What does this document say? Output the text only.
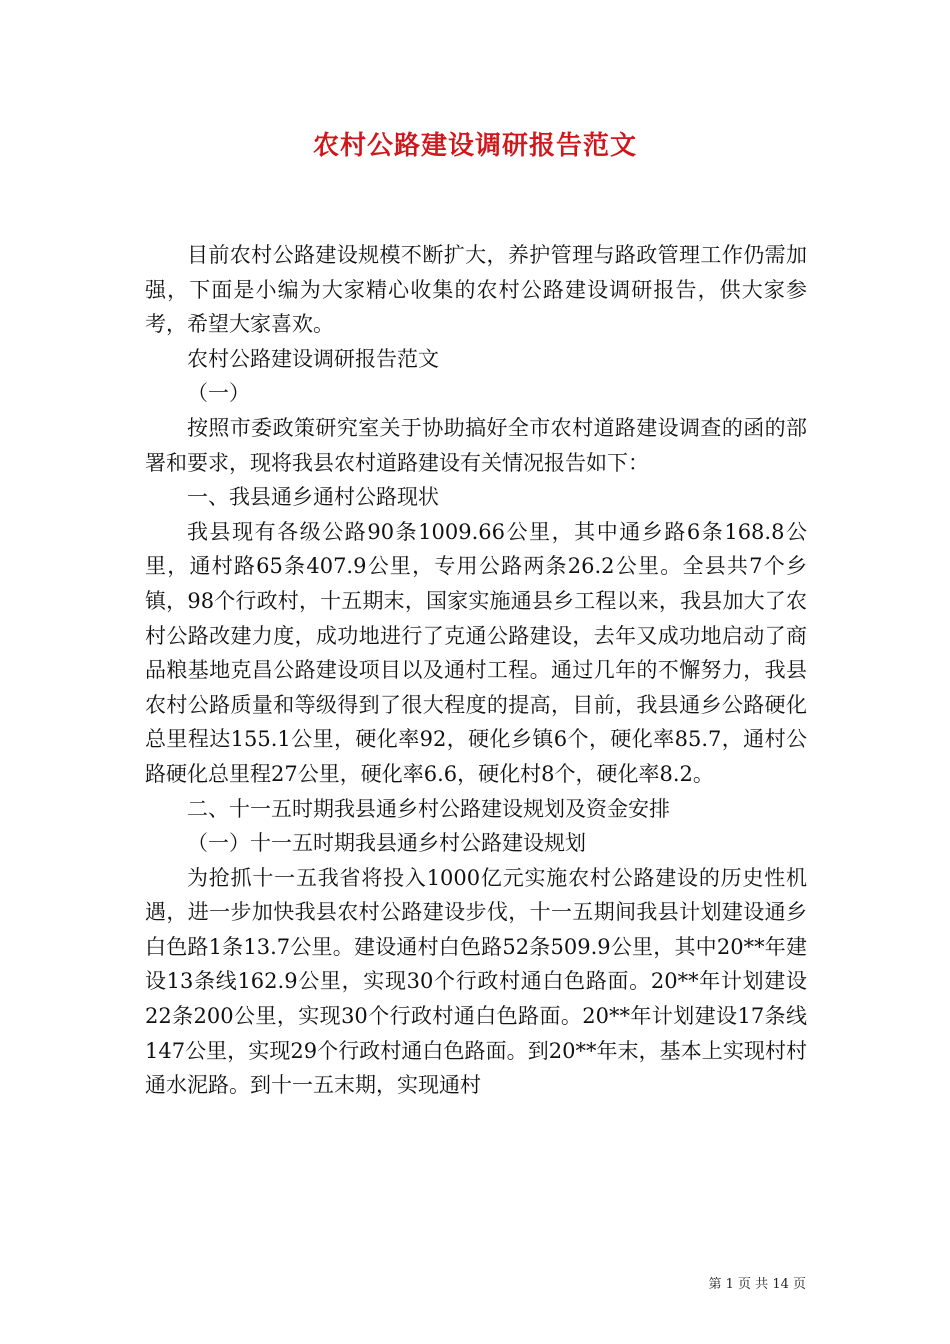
农村公路建设调研报告范文

目前农村公路建设规模不断扩大，养护管理与路政管理工作仍需加强，下面是小编为大家精心收集的农村公路建设调研报告，供大家参考，希望大家喜欢。

农村公路建设调研报告范文

（一）

按照市委政策研究室关于协助搞好全市农村道路建设调查的函的部署和要求，现将我县农村道路建设有关情况报告如下：

一、我县通乡通村公路现状

我县现有各级公路90条1009.66公里，其中通乡路6条168.8公里，通村路65条407.9公里，专用公路两条26.2公里。全县共7个乡镇，98个行政村，十五期末，国家实施通县乡工程以来，我县加大了农村公路改建力度，成功地进行了克通公路建设，去年又成功地启动了商品粮基地克昌公路建设项目以及通村工程。通过几年的不懈努力，我县农村公路质量和等级得到了很大程度的提高，目前，我县通乡公路硬化总里程达155.1公里，硬化率92，硬化乡镇6个，硬化率85.7，通村公路硬化总里程27公里，硬化率6.6，硬化村8个，硬化率8.2。

二、十一五时期我县通乡村公路建设规划及资金安排

（一）十一五时期我县通乡村公路建设规划

为抢抓十一五我省将投入1000亿元实施农村公路建设的历史性机遇，进一步加快我县农村公路建设步伐，十一五期间我县计划建设通乡白色路1条13.7公里。建设通村白色路52条509.9公里，其中20**年建设13条线162.9公里，实现30个行政村通白色路面。20**年计划建设22条200公里，实现30个行政村通白色路面。20**年计划建设17条线147公里，实现29个行政村通白色路面。到20**年末，基本上实现村村通水泥路。到十一五末期，实现通村

第 1 页 共 14 页
